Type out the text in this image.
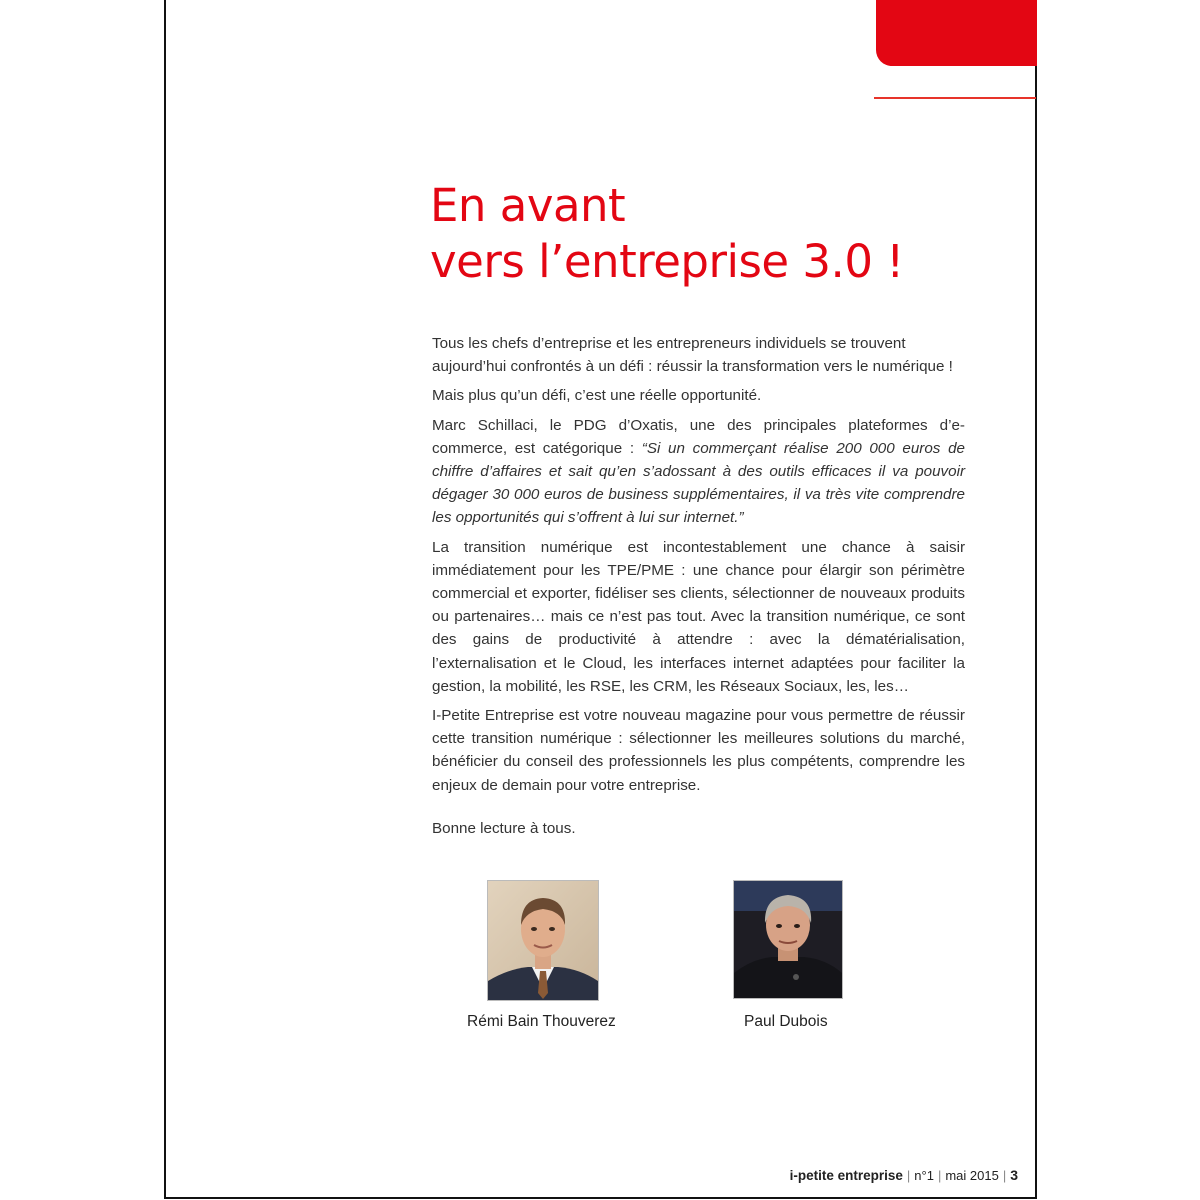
En avant
vers l’entreprise 3.0 !

Tous les chefs d’entreprise et les entrepreneurs individuels se trouvent aujourd’hui confrontés à un défi : réussir la transformation vers le numérique !

Mais plus qu’un défi, c’est une réelle opportunité.

Marc Schillaci, le PDG d’Oxatis, une des principales plateformes d’e-commerce, est catégorique : “Si un commerçant réalise 200 000 euros de chiffre d’affaires et sait qu’en s’adossant à des outils efficaces il va pouvoir dégager 30 000 euros de business supplémentaires, il va très vite comprendre les opportunités qui s’offrent à lui sur internet.”

La transition numérique est incontestablement une chance à saisir immédiatement pour les TPE/PME : une chance pour élargir son périmètre commercial et exporter, fidéliser ses clients, sélectionner de nouveaux produits ou partenaires… mais ce n’est pas tout. Avec la transition numérique, ce sont des gains de productivité à attendre : avec la dématérialisation, l’externalisation et le Cloud, les interfaces internet adaptées pour faciliter la gestion, la mobilité, les RSE, les CRM, les Réseaux Sociaux, les, les…

I-Petite Entreprise est votre nouveau magazine pour vous permettre de réussir cette transition numérique : sélectionner les meilleures solutions du marché, bénéficier du conseil des professionnels les plus compétents, comprendre les enjeux de demain pour votre entreprise.

Bonne lecture à tous.

Rémi Bain Thouverez	Paul Dubois
i-petite entreprise | n°1 | mai 2015 | 3
